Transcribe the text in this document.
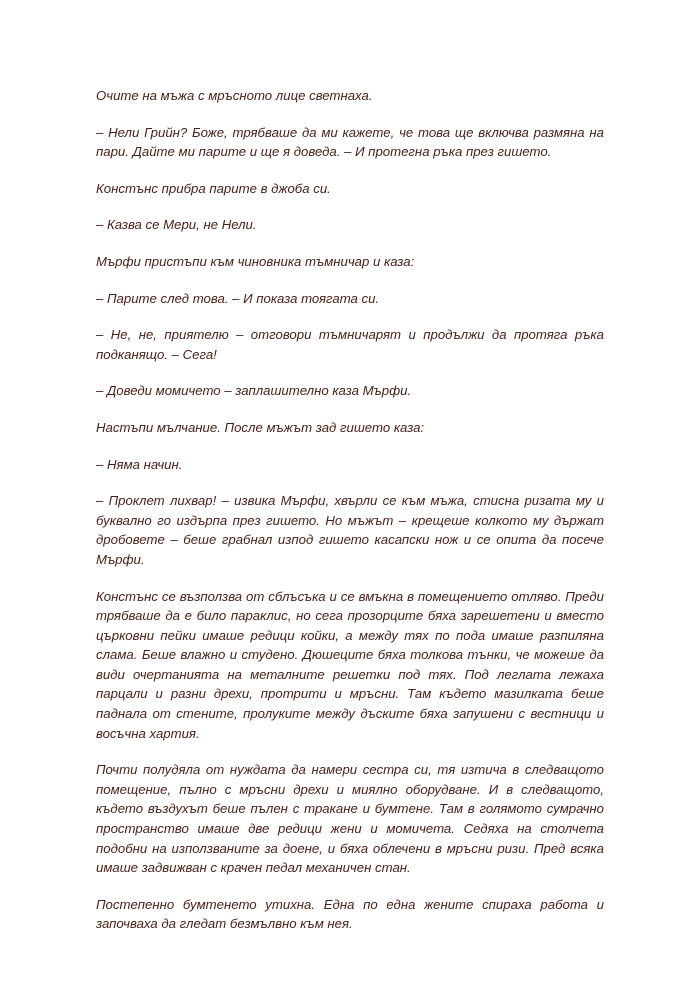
Очите на мъжа с мръсното лице светнаха.

– Нели Грийн? Боже, трябваше да ми кажете, че това ще включва размяна на пари. Дайте ми парите и ще я доведа. – И протегна ръка през гишето.

Констънс прибра парите в джоба си.

– Казва се Мери, не Нели.

Мърфи пристъпи към чиновника тъмничар и каза:

– Парите след това. – И показа тоягата си.

– Не, не, приятелю – отговори тъмничарят и продължи да протяга ръка подканящо. – Сега!

– Доведи момичето – заплашително каза Мърфи.

Настъпи мълчание. После мъжът зад гишето каза:

– Няма начин.

– Проклет лихвар! – извика Мърфи, хвърли се към мъжа, стисна ризата му и буквално го издърпа през гишето. Но мъжът – крещеше колкото му държат дробовете – беше грабнал изпод гишето касапски нож и се опита да посече Мърфи.

Констънс се възползва от сблъсъка и се вмъкна в помещението отляво. Преди трябваше да е било параклис, но сега прозорците бяха зарешетени и вместо църковни пейки имаше редици койки, а между тях по пода имаше разпиляна слама. Беше влажно и студено. Дюшеците бяха толкова тънки, че можеше да види очертанията на металните решетки под тях. Под леглата лежаха парцали и разни дрехи, протрити и мръсни. Там където мазилката беше паднала от стените, пролуките между дъските бяха запушени с вестници и восъчна хартия.

Почти полудяла от нуждата да намери сестра си, тя изтича в следващото помещение, пълно с мръсни дрехи и миялно оборудване. И в следващото, където въздухът беше пълен с тракане и бумтене. Там в голямото сумрачно пространство имаше две редици жени и момичета. Седяха на столчета подобни на използваните за доене, и бяха облечени в мръсни ризи. Пред всяка имаше задвижван с крачен педал механичен стан.

Постепенно бумтенето утихна. Една по една жените спираха работа и започваха да гледат безмълвно към нея.
